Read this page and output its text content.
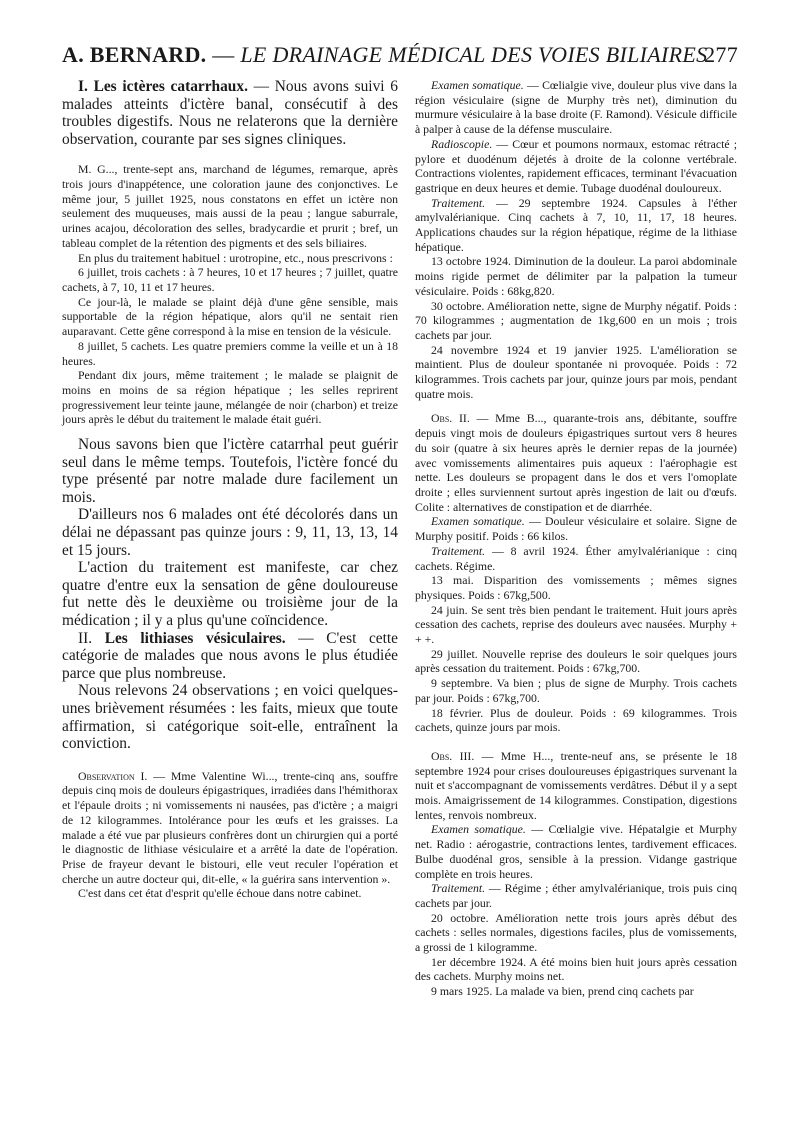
A. BERNARD. — LE DRAINAGE MÉDICAL DES VOIES BILIAIRES
277

I. Les ictères catarrhaux. — Nous avons suivi 6 malades atteints d'ictère banal, consécutif à des troubles digestifs. Nous ne relaterons que la dernière observation, courante par ses signes cliniques.

M. G..., trente-sept ans, marchand de légumes, remarque, après trois jours d'inappétence, une coloration jaune des conjonctives. Le même jour, 5 juillet 1925, nous constatons en effet un ictère non seulement des muqueuses, mais aussi de la peau ; langue saburrale, urines acajou, décoloration des selles, bradycardie et prurit ; bref, un tableau complet de la rétention des pigments et des sels biliaires.

En plus du traitement habituel : urotropine, etc., nous prescrivons :

6 juillet, trois cachets : à 7 heures, 10 et 17 heures ; 7 juillet, quatre cachets, à 7, 10, 11 et 17 heures.

Ce jour-là, le malade se plaint déjà d'une gêne sensible, mais supportable de la région hépatique, alors qu'il ne sentait rien auparavant. Cette gêne correspond à la mise en tension de la vésicule.

8 juillet, 5 cachets. Les quatre premiers comme la veille et un à 18 heures.

Pendant dix jours, même traitement ; le malade se plaignit de moins en moins de sa région hépatique ; les selles reprirent progressivement leur teinte jaune, mélangée de noir (charbon) et treize jours après le début du traitement le malade était guéri.

Nous savons bien que l'ictère catarrhal peut guérir seul dans le même temps. Toutefois, l'ictère foncé du type présenté par notre malade dure facilement un mois.

D'ailleurs nos 6 malades ont été décolorés dans un délai ne dépassant pas quinze jours : 9, 11, 13, 13, 14 et 15 jours.

L'action du traitement est manifeste, car chez quatre d'entre eux la sensation de gêne douloureuse fut nette dès le deuxième ou troisième jour de la médication ; il y a plus qu'une coïncidence.

II. Les lithiases vésiculaires. — C'est cette catégorie de malades que nous avons le plus étudiée parce que plus nombreuse.

Nous relevons 24 observations ; en voici quelques-unes brièvement résumées : les faits, mieux que toute affirmation, si catégorique soit-elle, entraînent la conviction.

Observation I. — Mme Valentine Wi..., trente-cinq ans, souffre depuis cinq mois de douleurs épigastriques, irradiées dans l'hémithorax et l'épaule droits ; ni vomissements ni nausées, pas d'ictère ; a maigri de 12 kilogrammes. Intolérance pour les œufs et les graisses. La malade a été vue par plusieurs confrères dont un chirurgien qui a porté le diagnostic de lithiase vésiculaire et a arrêté la date de l'opération. Prise de frayeur devant le bistouri, elle veut reculer l'opération et cherche un autre docteur qui, dit-elle, « la guérira sans intervention ».

C'est dans cet état d'esprit qu'elle échoue dans notre cabinet.

Examen somatique. — Cœlialgie vive, douleur plus vive dans la région vésiculaire (signe de Murphy très net), diminution du murmure vésiculaire à la base droite (F. Ramond). Vésicule difficile à palper à cause de la défense musculaire.

Radioscopie. — Cœur et poumons normaux, estomac rétracté ; pylore et duodénum déjetés à droite de la colonne vertébrale. Contractions violentes, rapidement efficaces, terminant l'évacuation gastrique en deux heures et demie. Tubage duodénal douloureux.

Traitement. — 29 septembre 1924. Capsules à l'éther amylvalérianique. Cinq cachets à 7, 10, 11, 17, 18 heures. Applications chaudes sur la région hépatique, régime de la lithiase hépatique.

13 octobre 1924. Diminution de la douleur. La paroi abdominale moins rigide permet de délimiter par la palpation la tumeur vésiculaire. Poids : 68kg,820.

30 octobre. Amélioration nette, signe de Murphy négatif. Poids : 70 kilogrammes ; augmentation de 1kg,600 en un mois ; trois cachets par jour.

24 novembre 1924 et 19 janvier 1925. L'amélioration se maintient. Plus de douleur spontanée ni provoquée. Poids : 72 kilogrammes. Trois cachets par jour, quinze jours par mois, pendant quatre mois.

Obs. II. — Mme B..., quarante-trois ans, débitante, souffre depuis vingt mois de douleurs épigastriques surtout vers 8 heures du soir (quatre à six heures après le dernier repas de la journée) avec vomissements alimentaires puis aqueux : l'aérophagie est nette. Les douleurs se propagent dans le dos et vers l'omoplate droite ; elles surviennent surtout après ingestion de lait ou d'œufs. Colite : alternatives de constipation et de diarrhée.

Examen somatique. — Douleur vésiculaire et solaire. Signe de Murphy positif. Poids : 66 kilos.

Traitement. — 8 avril 1924. Éther amylvalérianique : cinq cachets. Régime.

13 mai. Disparition des vomissements ; mêmes signes physiques. Poids : 67kg,500.

24 juin. Se sent très bien pendant le traitement. Huit jours après cessation des cachets, reprise des douleurs avec nausées. Murphy + + +.

29 juillet. Nouvelle reprise des douleurs le soir quelques jours après cessation du traitement. Poids : 67kg,700.

9 septembre. Va bien ; plus de signe de Murphy. Trois cachets par jour. Poids : 67kg,700.

18 février. Plus de douleur. Poids : 69 kilogrammes. Trois cachets, quinze jours par mois.

Obs. III. — Mme H..., trente-neuf ans, se présente le 18 septembre 1924 pour crises douloureuses épigastriques survenant la nuit et s'accompagnant de vomissements verdâtres. Début il y a sept mois. Amaigrissement de 14 kilogrammes. Constipation, digestions lentes, renvois nombreux.

Examen somatique. — Cœlialgie vive. Hépatalgie et Murphy net. Radio : aérogastrie, contractions lentes, tardivement efficaces. Bulbe duodénal gros, sensible à la pression. Vidange gastrique complète en trois heures.

Traitement. — Régime ; éther amylvalérianique, trois puis cinq cachets par jour.

20 octobre. Amélioration nette trois jours après début des cachets : selles normales, digestions faciles, plus de vomissements, a grossi de 1 kilogramme.

1er décembre 1924. A été moins bien huit jours après cessation des cachets. Murphy moins net.

9 mars 1925. La malade va bien, prend cinq cachets par
